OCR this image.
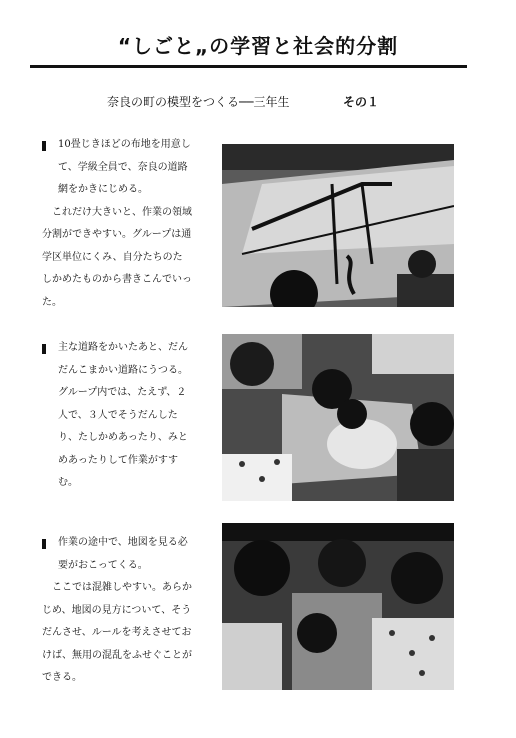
“しごと„の学習と社会的分割
奈良の町の模型をつくる──三年生	その１

10畳じきほどの布地を用意して、学級全員で、奈良の道路網をかきにじめる。

これだけ大きいと、作業の領域分割ができやすい。グループは通学区単位にくみ、自分たちのたしかめたものから書きこんでいった。

主な道路をかいたあと、だんだんこまかい道路にうつる。グループ内では、たえず、２人で、３人でそうだんしたり、たしかめあったり、みとめあったりして作業がすすむ。

作業の途中で、地図を見る必要がおこってくる。

ここでは混雑しやすい。あらかじめ、地図の見方について、そうだんさせ、ルールを考えさせておけば、無用の混乱をふせぐことができる。
